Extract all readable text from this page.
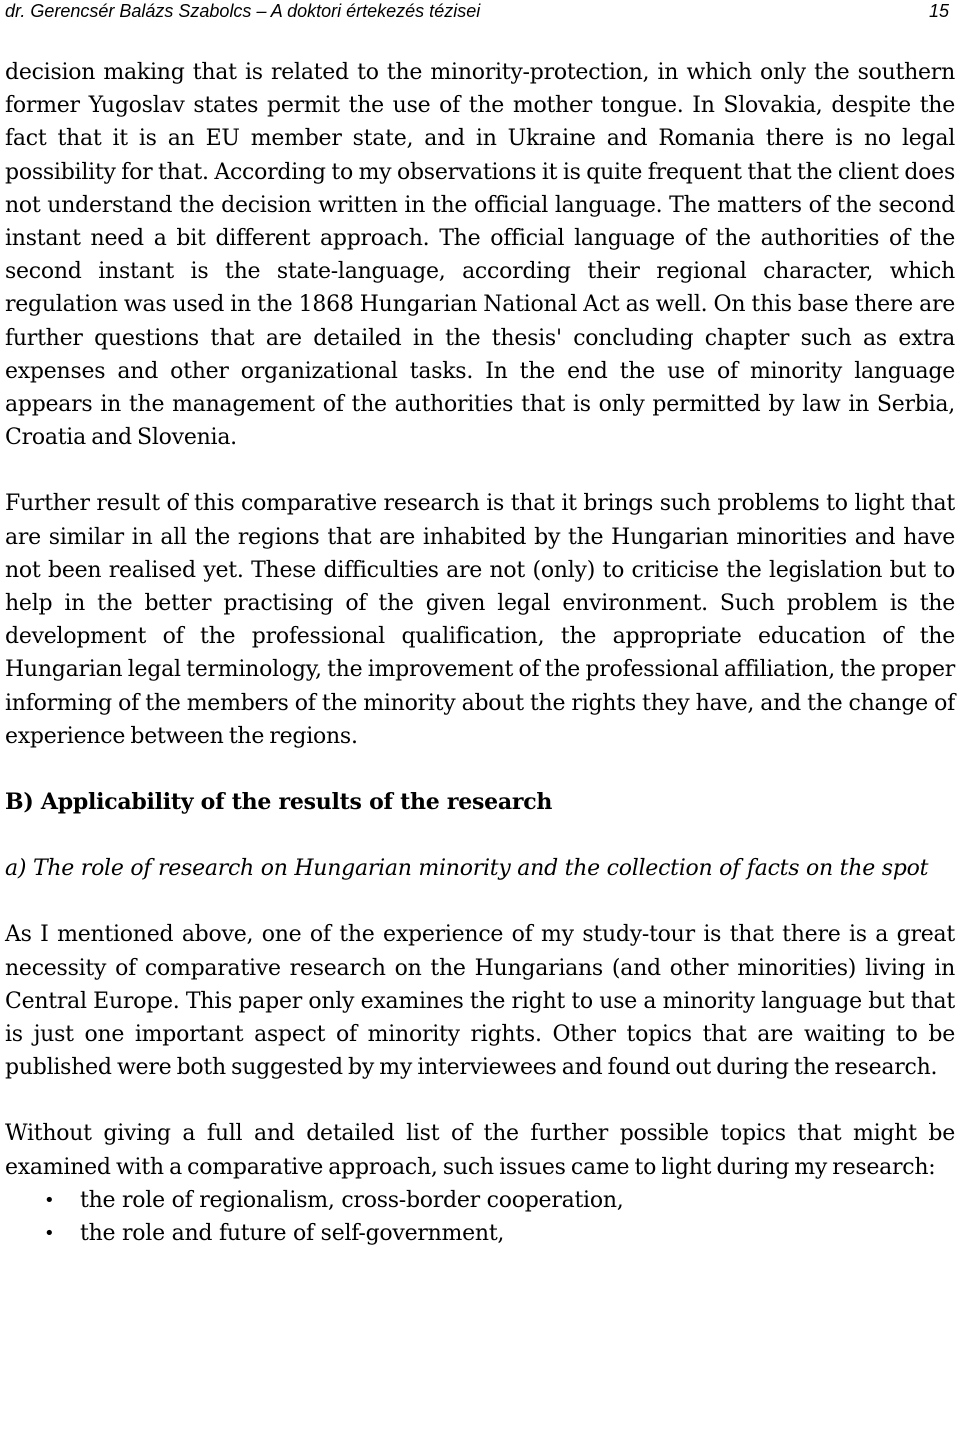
dr. Gerencsér Balázs Szabolcs – A doktori értekezés tézisei	15

decision making that is related to the minority-protection, in which only the southern former Yugoslav states permit the use of the mother tongue. In Slovakia, despite the fact that it is an EU member state, and in Ukraine and Romania there is no legal possibility for that. According to my observations it is quite frequent that the client does not understand the decision written in the official language. The matters of the second instant need a bit different approach. The official language of the authorities of the second instant is the state-language, according their regional character, which regulation was used in the 1868 Hungarian National Act as well. On this base there are further questions that are detailed in the thesis' concluding chapter such as extra expenses and other organizational tasks. In the end the use of minority language appears in the management of the authorities that is only permitted by law in Serbia, Croatia and Slovenia.

Further result of this comparative research is that it brings such problems to light that are similar in all the regions that are inhabited by the Hungarian minorities and have not been realised yet. These difficulties are not (only) to criticise the legislation but to help in the better practising of the given legal environment. Such problem is the development of the professional qualification, the appropriate education of the Hungarian legal terminology, the improvement of the professional affiliation, the proper informing of the members of the minority about the rights they have, and the change of experience between the regions.

B) Applicability of the results of the research
a) The role of research on Hungarian minority and the collection of facts on the spot

As I mentioned above, one of the experience of my study-tour is that there is a great necessity of comparative research on the Hungarians (and other minorities) living in Central Europe. This paper only examines the right to use a minority language but that is just one important aspect of minority rights. Other topics that are waiting to be published were both suggested by my interviewees and found out during the research.

Without giving a full and detailed list of the further possible topics that might be examined with a comparative approach, such issues came to light during my research:

• the role of regionalism, cross-border cooperation,
• the role and future of self-government,
